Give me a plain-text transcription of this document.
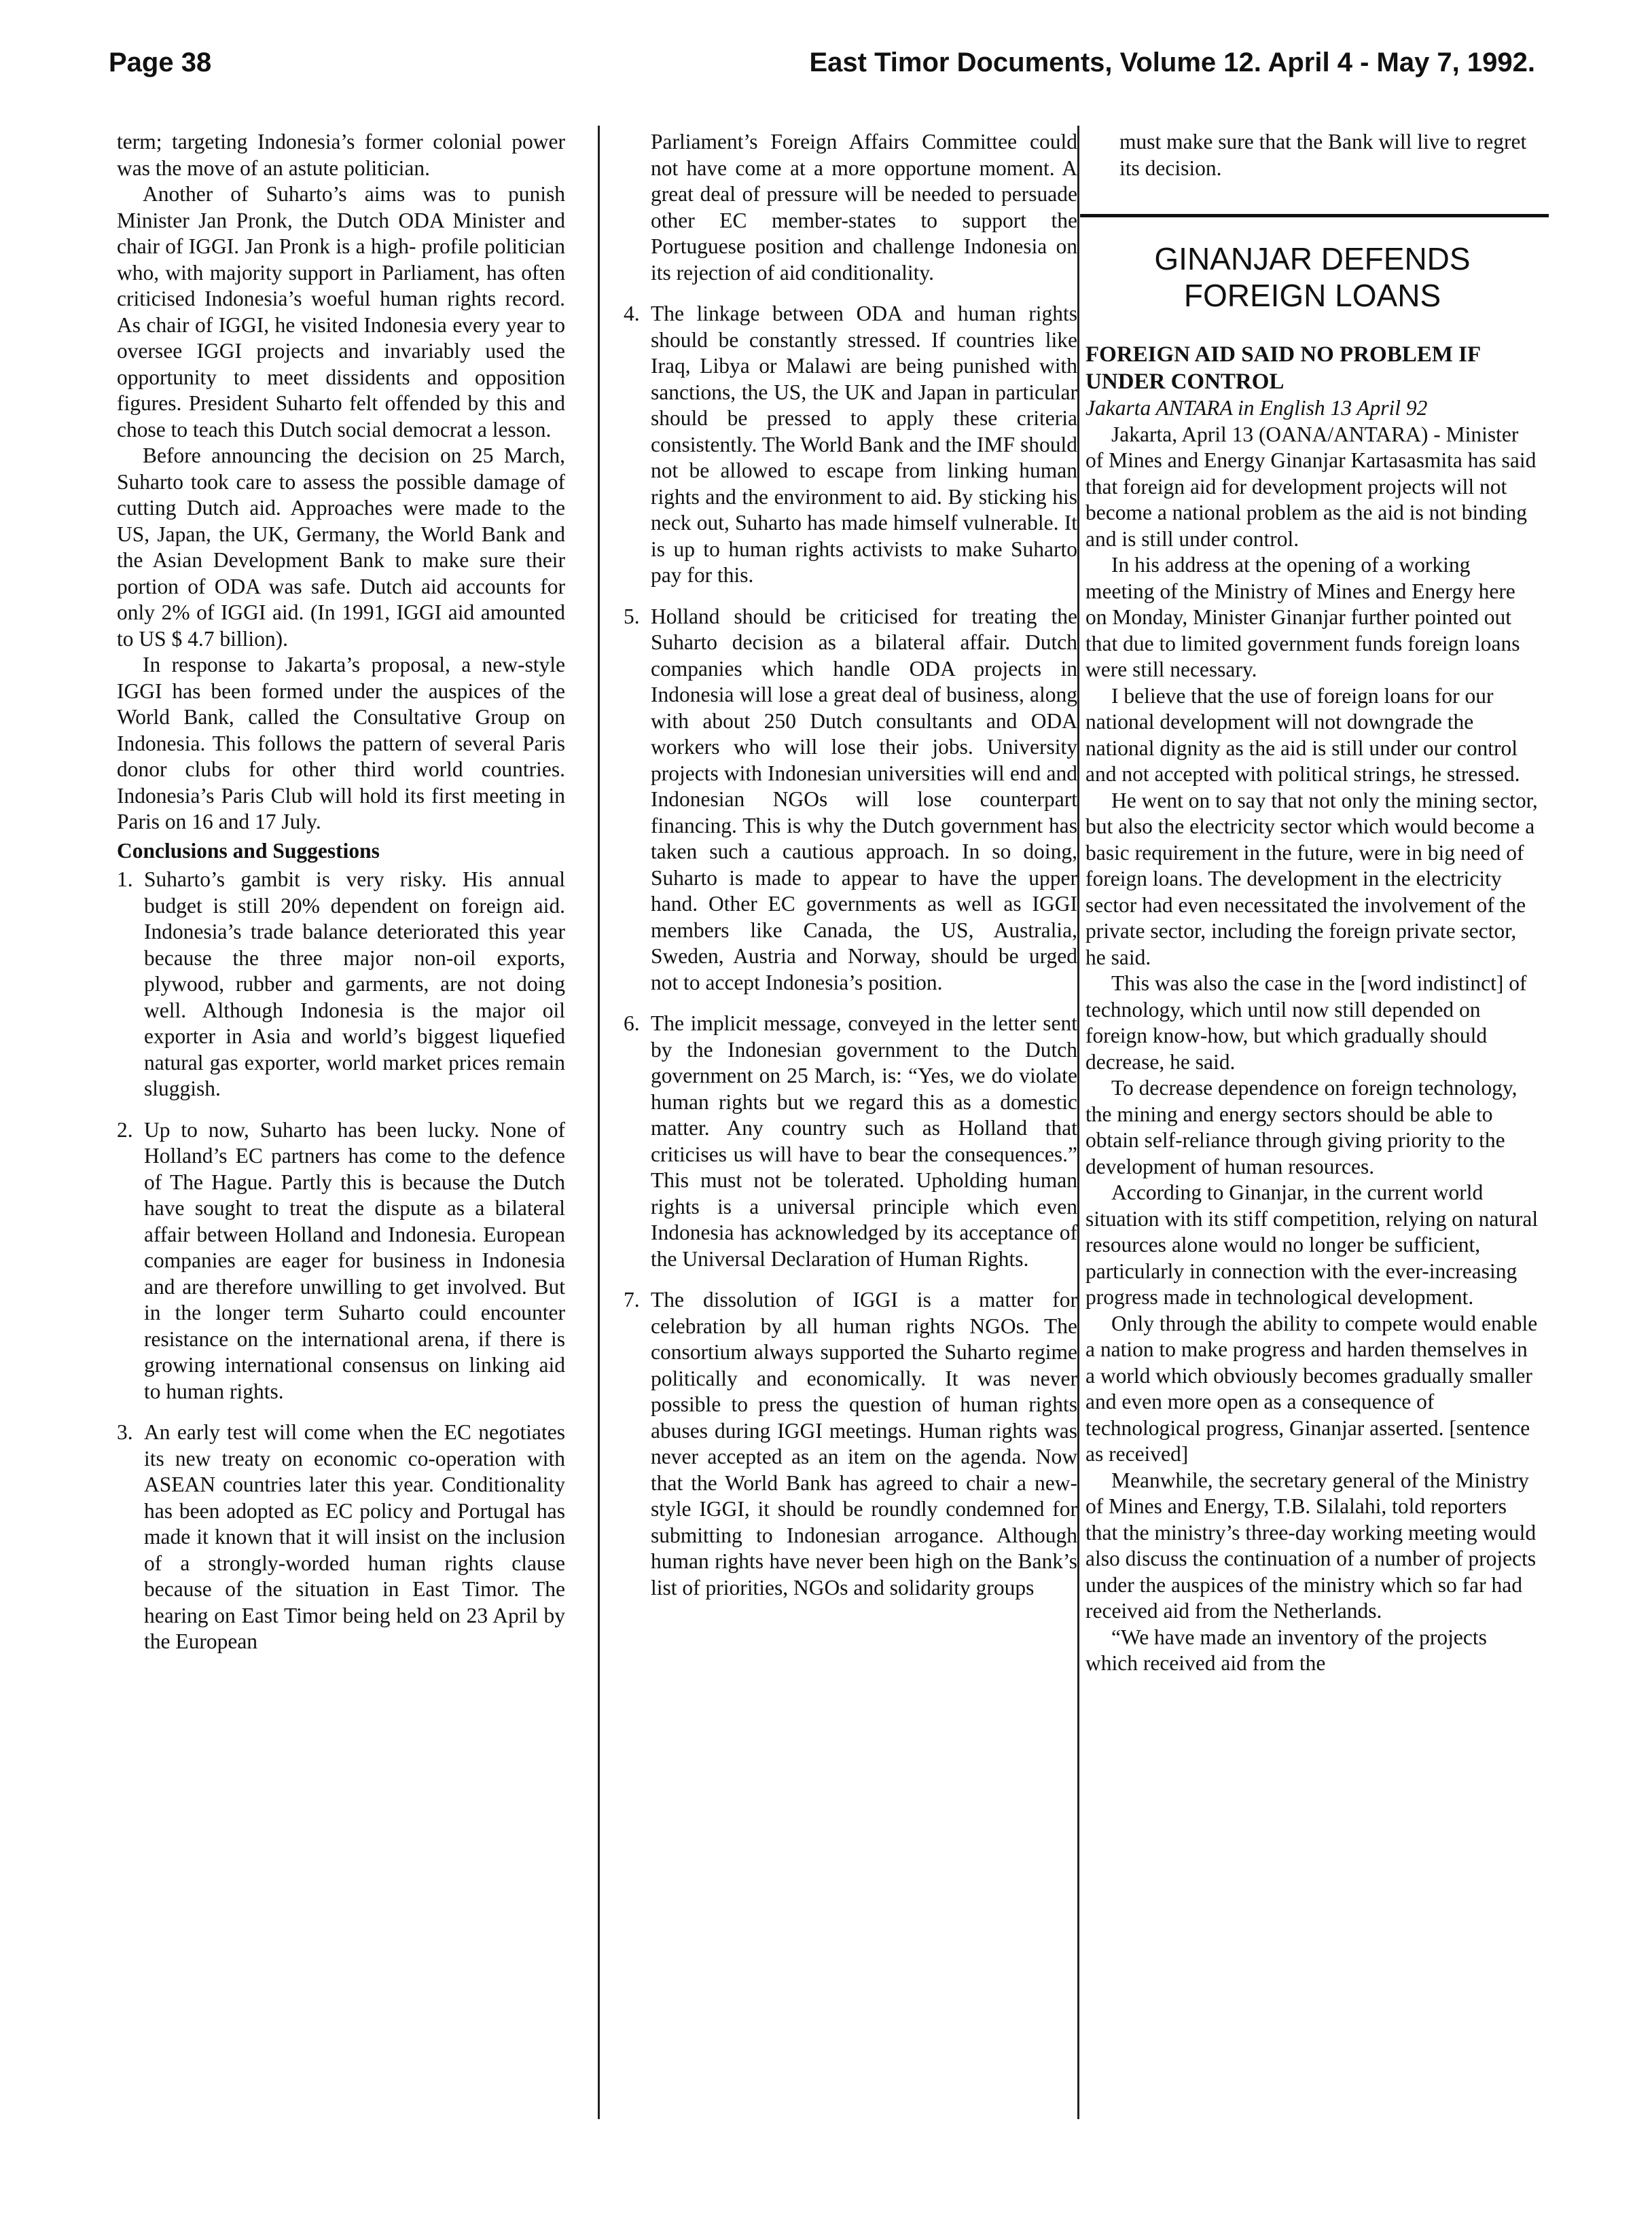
Page 38	East Timor Documents, Volume 12. April 4 - May 7, 1992.

term; targeting Indonesia’s former colonial power was the move of an astute politician.

Another of Suharto’s aims was to punish Minister Jan Pronk, the Dutch ODA Minister and chair of IGGI. Jan Pronk is a high- profile politician who, with majority support in Parliament, has often criticised Indonesia’s woeful human rights record. As chair of IGGI, he visited Indonesia every year to oversee IGGI projects and invariably used the opportunity to meet dissidents and opposition figures. President Suharto felt offended by this and chose to teach this Dutch social democrat a lesson.

Before announcing the decision on 25 March, Suharto took care to assess the possible damage of cutting Dutch aid. Approaches were made to the US, Japan, the UK, Germany, the World Bank and the Asian Development Bank to make sure their portion of ODA was safe. Dutch aid accounts for only 2% of IGGI aid. (In 1991, IGGI aid amounted to US $ 4.7 billion).

In response to Jakarta’s proposal, a new-style IGGI has been formed under the auspices of the World Bank, called the Consultative Group on Indonesia. This follows the pattern of several Paris donor clubs for other third world countries. Indonesia’s Paris Club will hold its first meeting in Paris on 16 and 17 July.

Conclusions and Suggestions
1. Suharto’s gambit is very risky. His annual budget is still 20% dependent on foreign aid. Indonesia’s trade balance deteriorated this year because the three major non-oil exports, plywood, rubber and garments, are not doing well. Although Indonesia is the major oil exporter in Asia and world’s biggest liquefied natural gas exporter, world market prices remain sluggish.
2. Up to now, Suharto has been lucky. None of Holland’s EC partners has come to the defence of The Hague. Partly this is because the Dutch have sought to treat the dispute as a bilateral affair between Holland and Indonesia. European companies are eager for business in Indonesia and are therefore unwilling to get involved. But in the longer term Suharto could encounter resistance on the international arena, if there is growing international consensus on linking aid to human rights.
3. An early test will come when the EC negotiates its new treaty on economic co-operation with ASEAN countries later this year. Conditionality has been adopted as EC policy and Portugal has made it known that it will insist on the inclusion of a strongly-worded human rights clause because of the situation in East Timor. The hearing on East Timor being held on 23 April by the European

Parliament’s Foreign Affairs Committee could not have come at a more opportune moment. A great deal of pressure will be needed to persuade other EC member-states to support the Portuguese position and challenge Indonesia on its rejection of aid conditionality.

4. The linkage between ODA and human rights should be constantly stressed. If countries like Iraq, Libya or Malawi are being punished with sanctions, the US, the UK and Japan in particular should be pressed to apply these criteria consistently. The World Bank and the IMF should not be allowed to escape from linking human rights and the environment to aid. By sticking his neck out, Suharto has made himself vulnerable. It is up to human rights activists to make Suharto pay for this.
5. Holland should be criticised for treating the Suharto decision as a bilateral affair. Dutch companies which handle ODA projects in Indonesia will lose a great deal of business, along with about 250 Dutch consultants and ODA workers who will lose their jobs. University projects with Indonesian universities will end and Indonesian NGOs will lose counterpart financing. This is why the Dutch government has taken such a cautious approach. In so doing, Suharto is made to appear to have the upper hand. Other EC governments as well as IGGI members like Canada, the US, Australia, Sweden, Austria and Norway, should be urged not to accept Indonesia’s position.
6. The implicit message, conveyed in the letter sent by the Indonesian government to the Dutch government on 25 March, is: “Yes, we do violate human rights but we regard this as a domestic matter. Any country such as Holland that criticises us will have to bear the consequences.” This must not be tolerated. Upholding human rights is a universal principle which even Indonesia has acknowledged by its acceptance of the Universal Declaration of Human Rights.
7. The dissolution of IGGI is a matter for celebration by all human rights NGOs. The consortium always supported the Suharto regime politically and economically. It was never possible to press the question of human rights abuses during IGGI meetings. Human rights was never accepted as an item on the agenda. Now that the World Bank has agreed to chair a new- style IGGI, it should be roundly condemned for submitting to Indonesian arrogance. Although human rights have never been high on the Bank’s list of priorities, NGOs and solidarity groups

must make sure that the Bank will live to regret its decision.

GINANJAR DEFENDS FOREIGN LOANS

FOREIGN AID SAID NO PROBLEM IF UNDER CONTROL

Jakarta ANTARA in English 13 April 92

Jakarta, April 13 (OANA/ANTARA) - Minister of Mines and Energy Ginanjar Kartasasmita has said that foreign aid for development projects will not become a national problem as the aid is not binding and is still under control.

In his address at the opening of a working meeting of the Ministry of Mines and Energy here on Monday, Minister Ginanjar further pointed out that due to limited government funds foreign loans were still necessary.

I believe that the use of foreign loans for our national development will not downgrade the national dignity as the aid is still under our control and not accepted with political strings, he stressed.

He went on to say that not only the mining sector, but also the electricity sector which would become a basic requirement in the future, were in big need of foreign loans. The development in the electricity sector had even necessitated the involvement of the private sector, including the foreign private sector, he said.

This was also the case in the [word indistinct] of technology, which until now still depended on foreign know-how, but which gradually should decrease, he said.

To decrease dependence on foreign technology, the mining and energy sectors should be able to obtain self-reliance through giving priority to the development of human resources.

According to Ginanjar, in the current world situation with its stiff competition, relying on natural resources alone would no longer be sufficient, particularly in connection with the ever-increasing progress made in technological development.

Only through the ability to compete would enable a nation to make progress and harden themselves in a world which obviously becomes gradually smaller and even more open as a consequence of technological progress, Ginanjar asserted. [sentence as received]

Meanwhile, the secretary general of the Ministry of Mines and Energy, T.B. Silalahi, told reporters that the ministry’s three-day working meeting would also discuss the continuation of a number of projects under the auspices of the ministry which so far had received aid from the Netherlands.

“We have made an inventory of the projects which received aid from the
